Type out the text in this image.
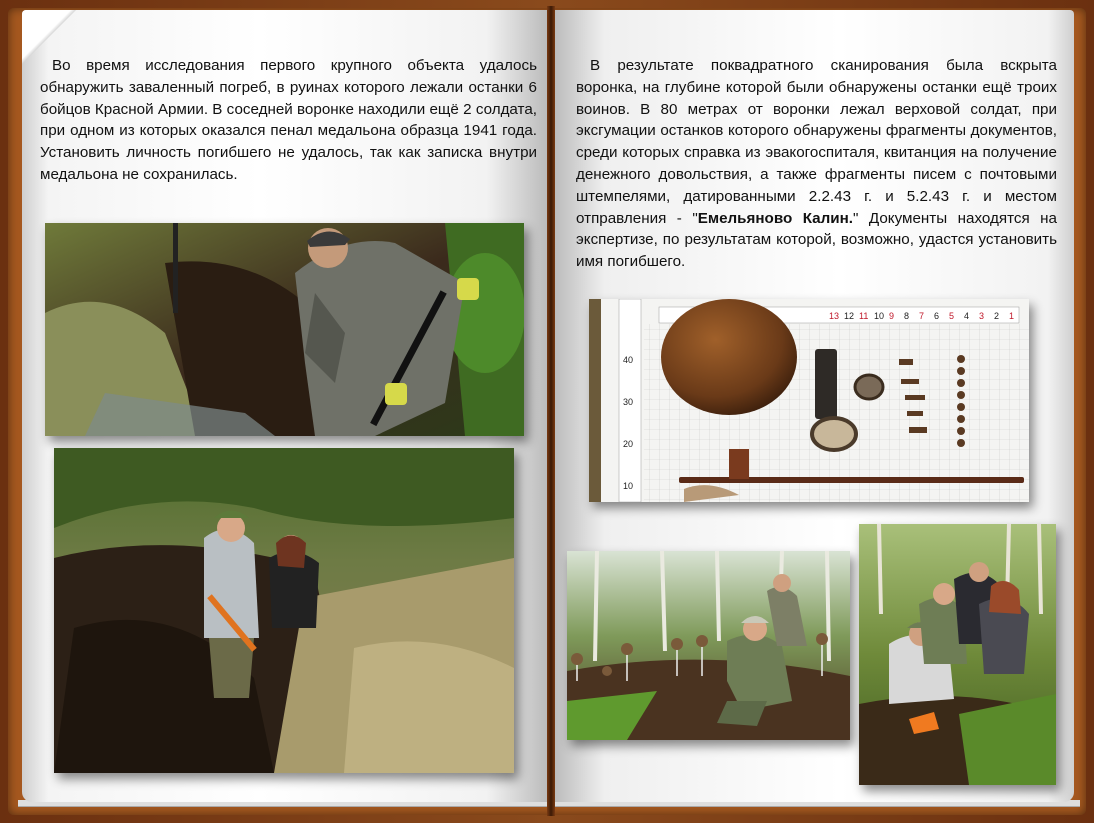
Во время исследования первого крупного объекта удалось обнаружить заваленный погреб, в руинах которого лежали останки 6 бойцов Красной Армии. В соседней воронке находили ещё 2 солдата, при одном из которых оказался пенал медальона образца 1941 года. Установить личность погибшего не удалось, так как записка внутри медальона не сохранилась.

В результате поквадратного сканирования была вскрыта воронка, на глубине которой были обнаружены останки ещё троих воинов. В 80 метрах от воронки лежал верховой солдат, при эксгумации останков которого обнаружены фрагменты документов, среди которых справка из эвакогоспиталя, квитанция на получение денежного довольствия, а также фрагменты писем с почтовыми штемпелями, датированными 2.2.43 г. и 5.2.43 г. и местом отправления - "Емельяново Калин." Документы находятся на экспертизе, по результатам которой, возможно, удастся установить имя погибшего.

13 12 11 10 9 8 7 6 5 4 3 2 1
10
20
30
40
